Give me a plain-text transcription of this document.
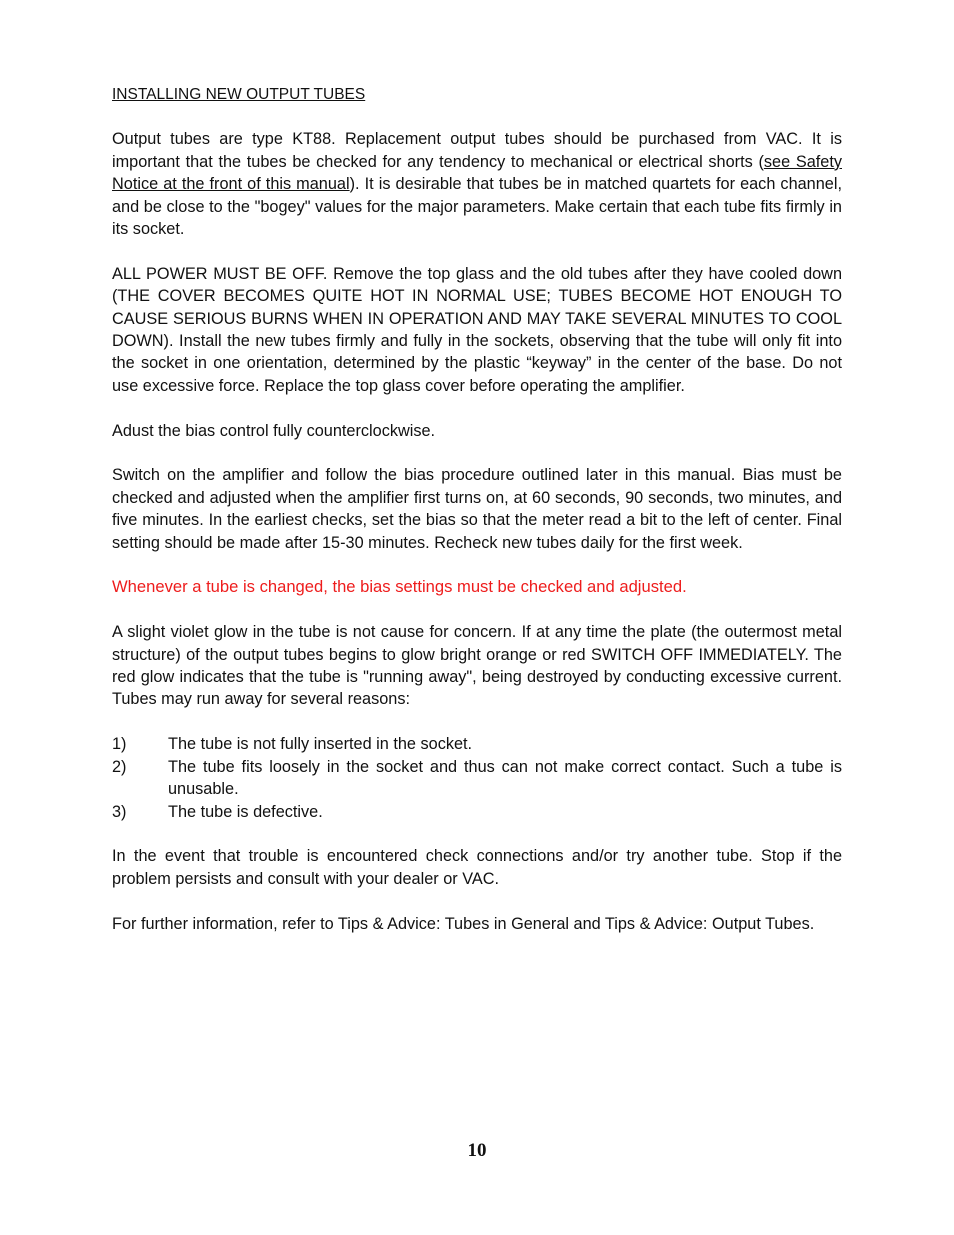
INSTALLING NEW OUTPUT TUBES

Output tubes are type KT88. Replacement output tubes should be purchased from VAC. It is important that the tubes be checked for any tendency to mechanical or electrical shorts (see Safety Notice at the front of this manual). It is desirable that tubes be in matched quartets for each channel, and be close to the "bogey" values for the major parameters. Make certain that each tube fits firmly in its socket.

ALL POWER MUST BE OFF. Remove the top glass and the old tubes after they have cooled down (THE COVER BECOMES QUITE HOT IN NORMAL USE; TUBES BECOME HOT ENOUGH TO CAUSE SERIOUS BURNS WHEN IN OPERATION AND MAY TAKE SEVERAL MINUTES TO COOL DOWN). Install the new tubes firmly and fully in the sockets, observing that the tube will only fit into the socket in one orientation, determined by the plastic “keyway” in the center of the base. Do not use excessive force. Replace the top glass cover before operating the amplifier.

Adust the bias control fully counterclockwise.

Switch on the amplifier and follow the bias procedure outlined later in this manual. Bias must be checked and adjusted when the amplifier first turns on, at 60 seconds, 90 seconds, two minutes, and five minutes. In the earliest checks, set the bias so that the meter read a bit to the left of center. Final setting should be made after 15-30 minutes. Recheck new tubes daily for the first week.

Whenever a tube is changed, the bias settings must be checked and adjusted.

A slight violet glow in the tube is not cause for concern. If at any time the plate (the outermost metal structure) of the output tubes begins to glow bright orange or red SWITCH OFF IMMEDIATELY. The red glow indicates that the tube is "running away", being destroyed by conducting excessive current. Tubes may run away for several reasons:

1)	The tube is not fully inserted in the socket.
2)	The tube fits loosely in the socket and thus can not make correct contact. Such a tube is unusable.
3)	The tube is defective.

In the event that trouble is encountered check connections and/or try another tube. Stop if the problem persists and consult with your dealer or VAC.

For further information, refer to Tips & Advice: Tubes in General and Tips & Advice: Output Tubes.

10
